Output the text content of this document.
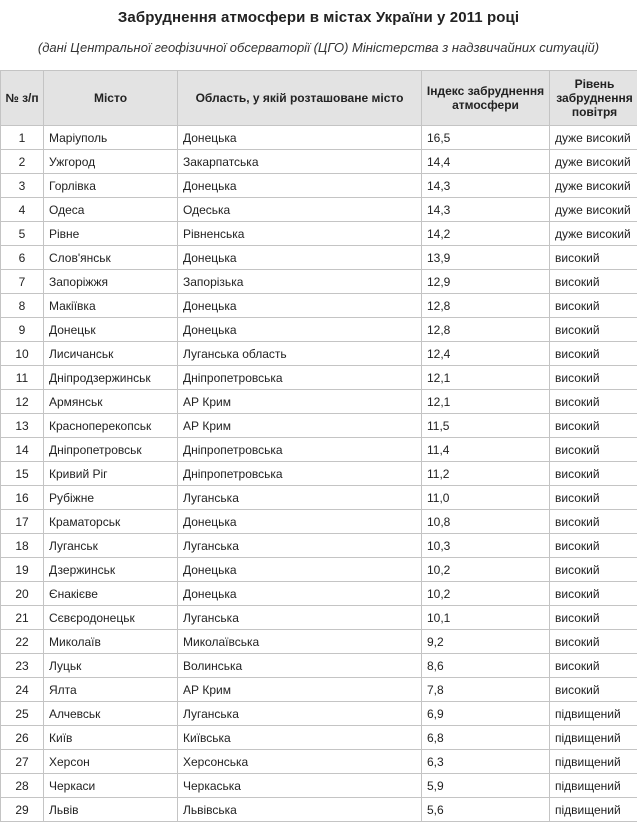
Забруднення атмосфери в містах України у 2011 році
(дані Центральної геофізичної обсерваторії (ЦГО) Міністерства з надзвичайних ситуацій)
№ з/п	Місто	Область, у якій розташоване місто	Індекс забруднення атмосфери	Рівень забруднення повітря
1	Маріуполь	Донецька	16,5	дуже високий
2	Ужгород	Закарпатська	14,4	дуже високий
3	Горлівка	Донецька	14,3	дуже високий
4	Одеса	Одеська	14,3	дуже високий
5	Рівне	Рівненська	14,2	дуже високий
6	Слов'янськ	Донецька	13,9	високий
7	Запоріжжя	Запорізька	12,9	високий
8	Макіївка	Донецька	12,8	високий
9	Донецьк	Донецька	12,8	високий
10	Лисичанськ	Луганська область	12,4	високий
11	Дніпродзержинськ	Дніпропетровська	12,1	високий
12	Армянськ	АР Крим	12,1	високий
13	Красноперекопськ	АР Крим	11,5	високий
14	Дніпропетровськ	Дніпропетровська	11,4	високий
15	Кривий Ріг	Дніпропетровська	11,2	високий
16	Рубіжне	Луганська	11,0	високий
17	Краматорськ	Донецька	10,8	високий
18	Луганськ	Луганська	10,3	високий
19	Дзержинськ	Донецька	10,2	високий
20	Єнакієве	Донецька	10,2	високий
21	Сєвєродонецьк	Луганська	10,1	високий
22	Миколаїв	Миколаївська	9,2	високий
23	Луцьк	Волинська	8,6	високий
24	Ялта	АР Крим	7,8	високий
25	Алчевськ	Луганська	6,9	підвищений
26	Київ	Київська	6,8	підвищений
27	Херсон	Херсонська	6,3	підвищений
28	Черкаси	Черкаська	5,9	підвищений
29	Львів	Львівська	5,6	підвищений
